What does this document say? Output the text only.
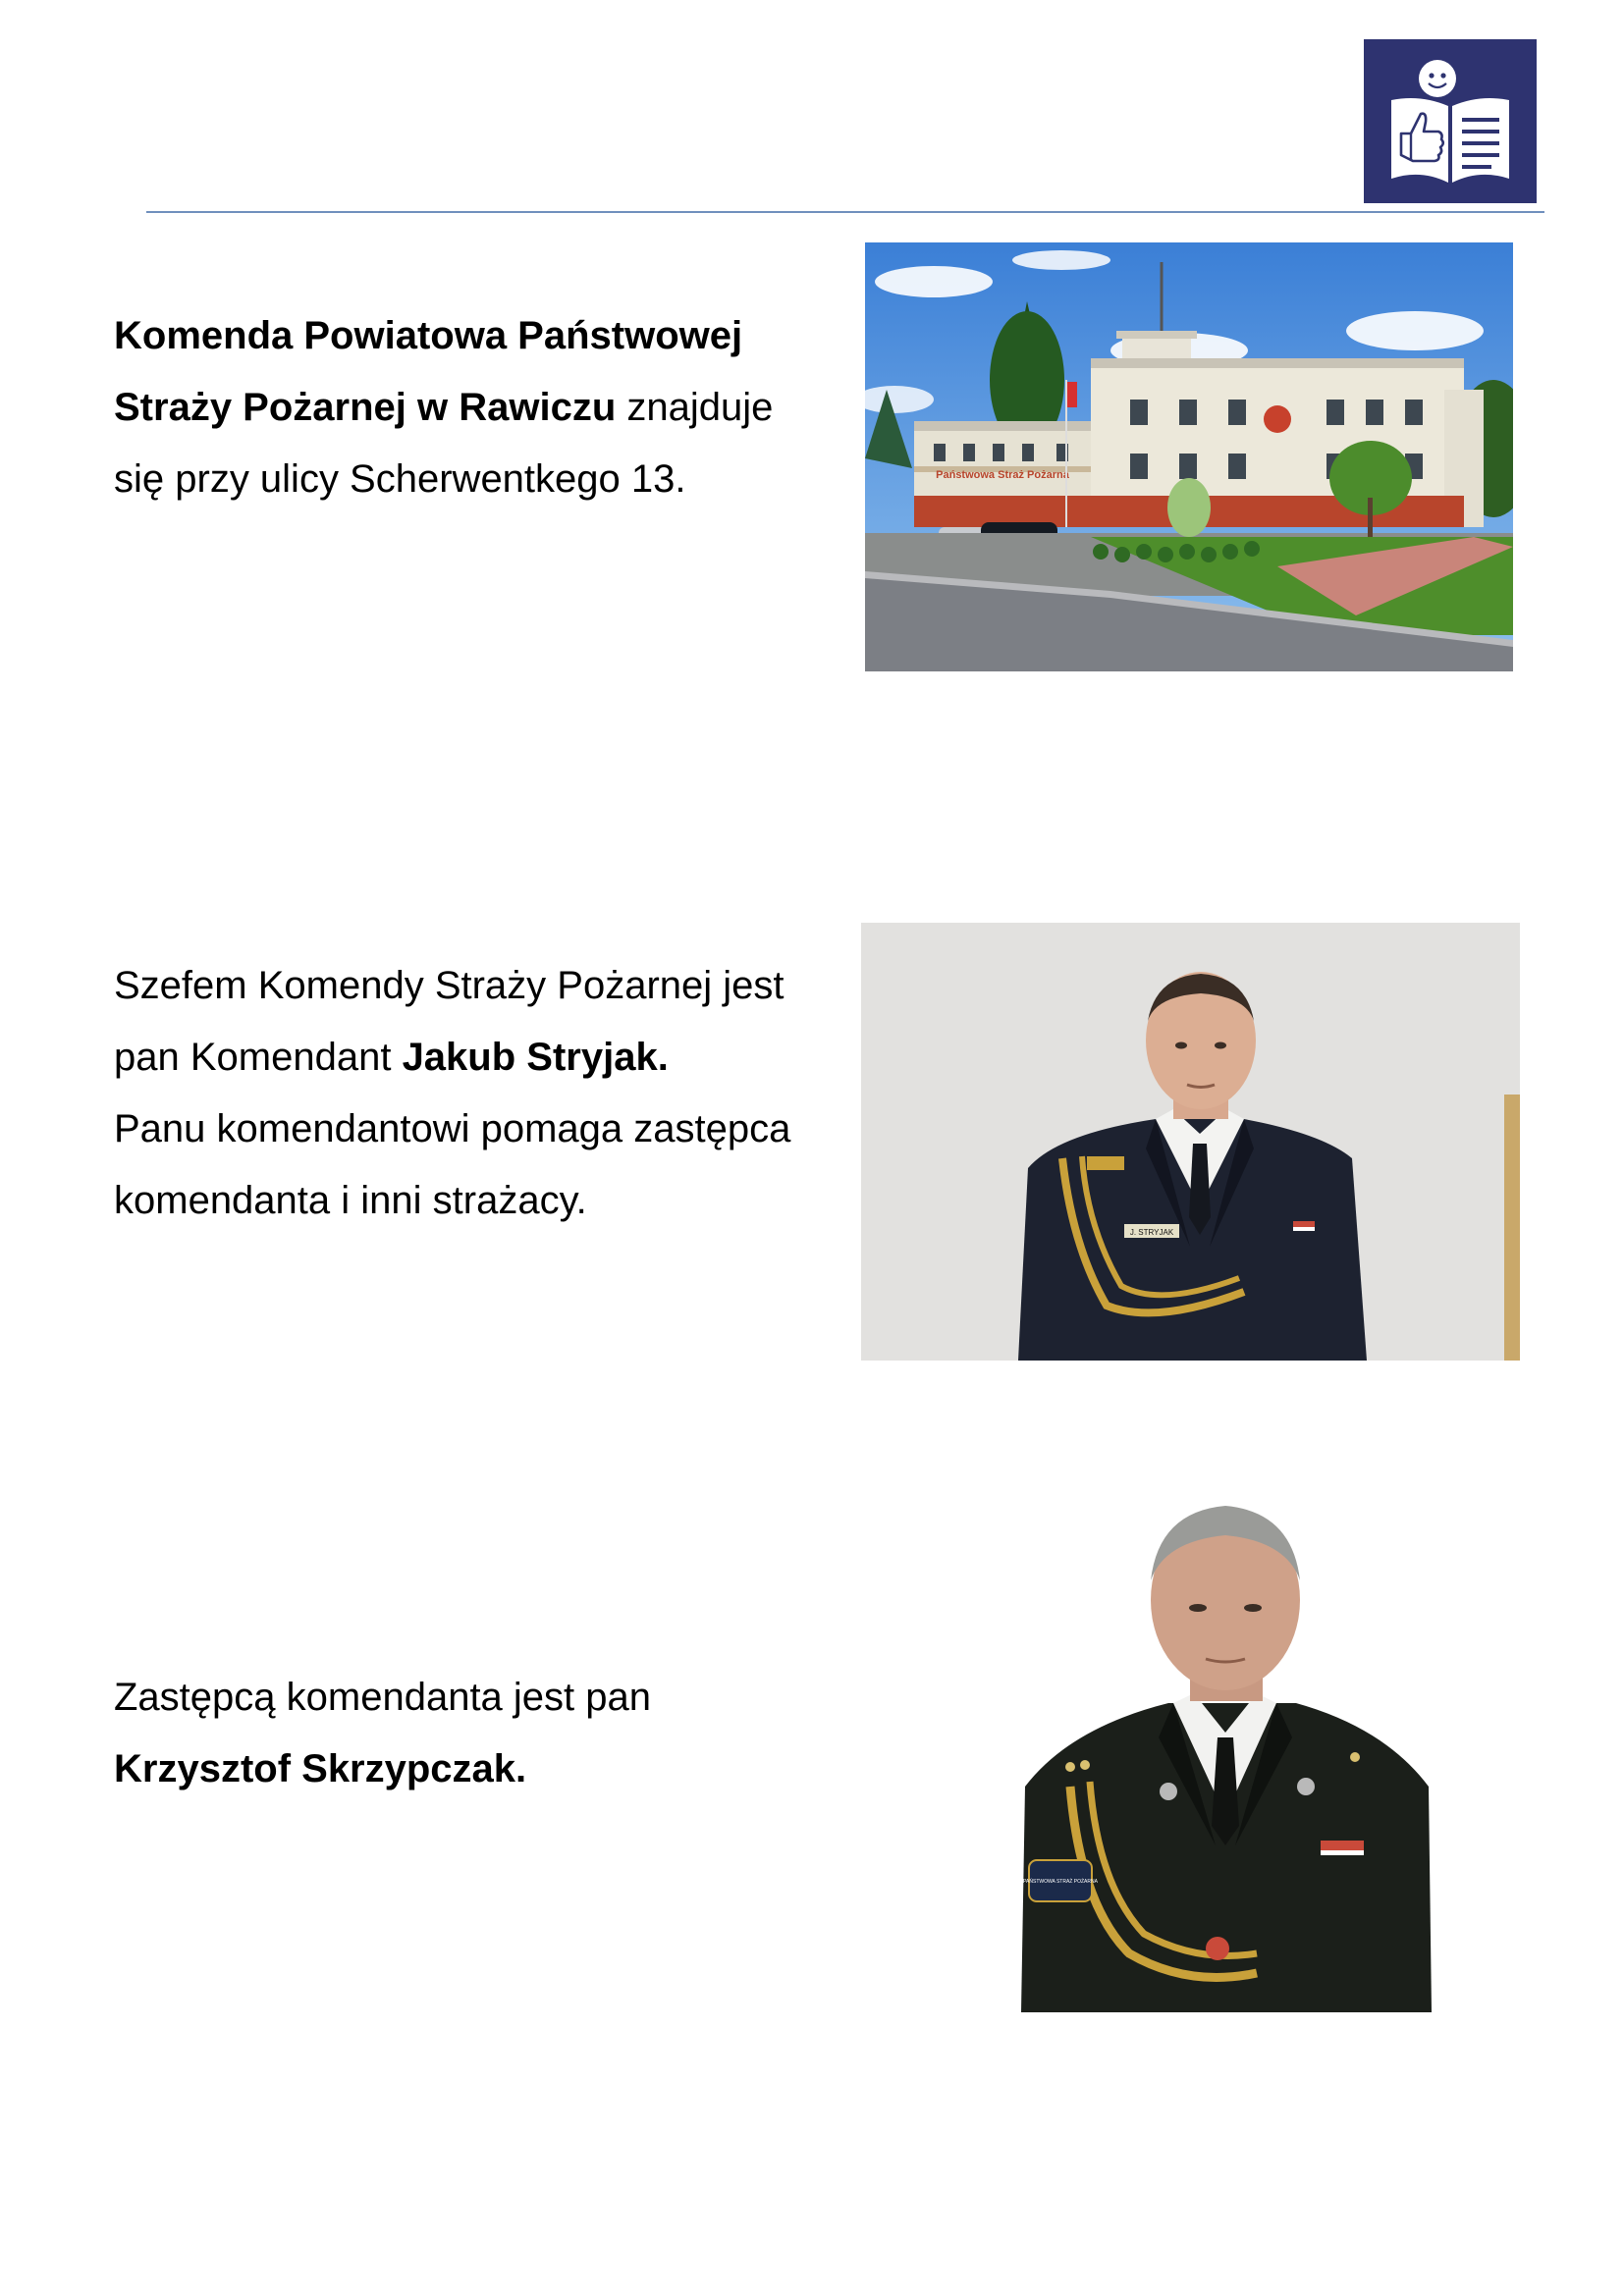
Komenda Powiatowa Państwowej

Straży Pożarnej w Rawiczu znajduje

się przy ulicy Scherwentkego 13.	Państwowa Straż Pożarna

Szefem Komendy Straży Pożarnej jest

pan Komendant Jakub Stryjak.

Panu komendantowi pomaga zastępca

komendanta i inni strażacy.

J. STRYJAK

Zastępcą komendanta jest pan

Krzysztof Skrzypczak.

PAŃSTWOWA STRAŻ POŻARNA
